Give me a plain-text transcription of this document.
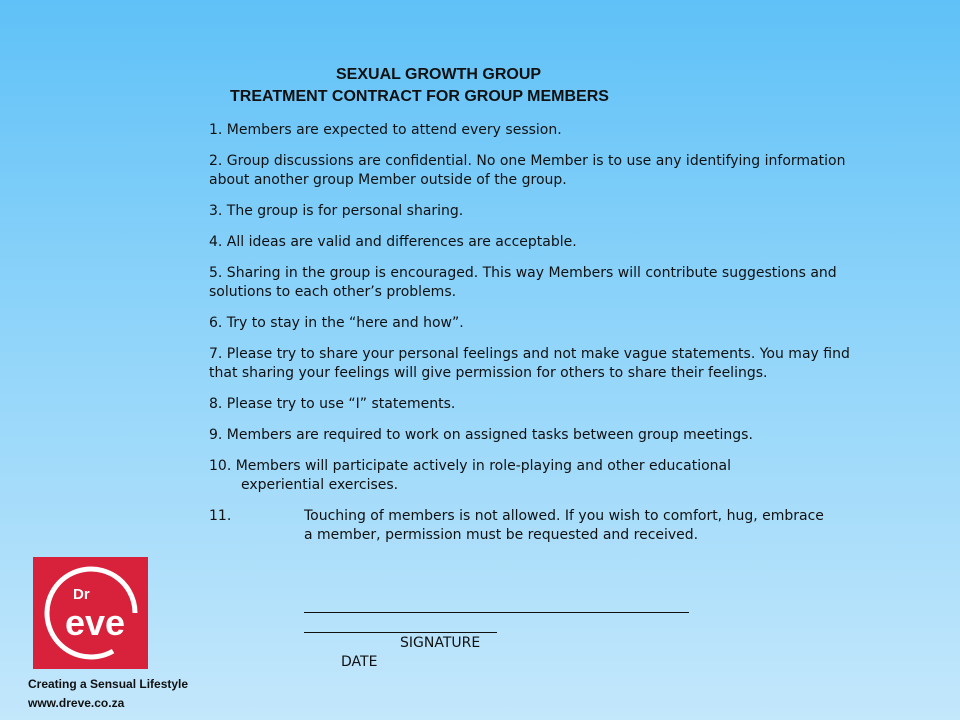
SEXUAL GROWTH GROUP
TREATMENT CONTRACT FOR GROUP MEMBERS

1. Members are expected to attend every session.

2. Group discussions are confidential. No one Member is to use any identifying information about another group Member outside of the group.

3. The group is for personal sharing.

4. All ideas are valid and differences are acceptable.

5. Sharing in the group is encouraged. This way Members will contribute suggestions and solutions to each other’s problems.

6. Try to stay in the “here and how”.

7. Please try to share your personal feelings and not make vague statements. You may find that sharing your feelings will give permission for others to share their feelings.

8. Please try to use “I” statements.

9. Members are required to work on assigned tasks between group meetings.

10. Members will participate actively in role-playing and other educational
experiential exercises.

11.	Touching of members is not allowed. If you wish to comfort, hug, embrace a member, permission must be requested and received.
SIGNATURE
DATE
Dr
eve
Creating a Sensual Lifestyle
www.dreve.co.za
